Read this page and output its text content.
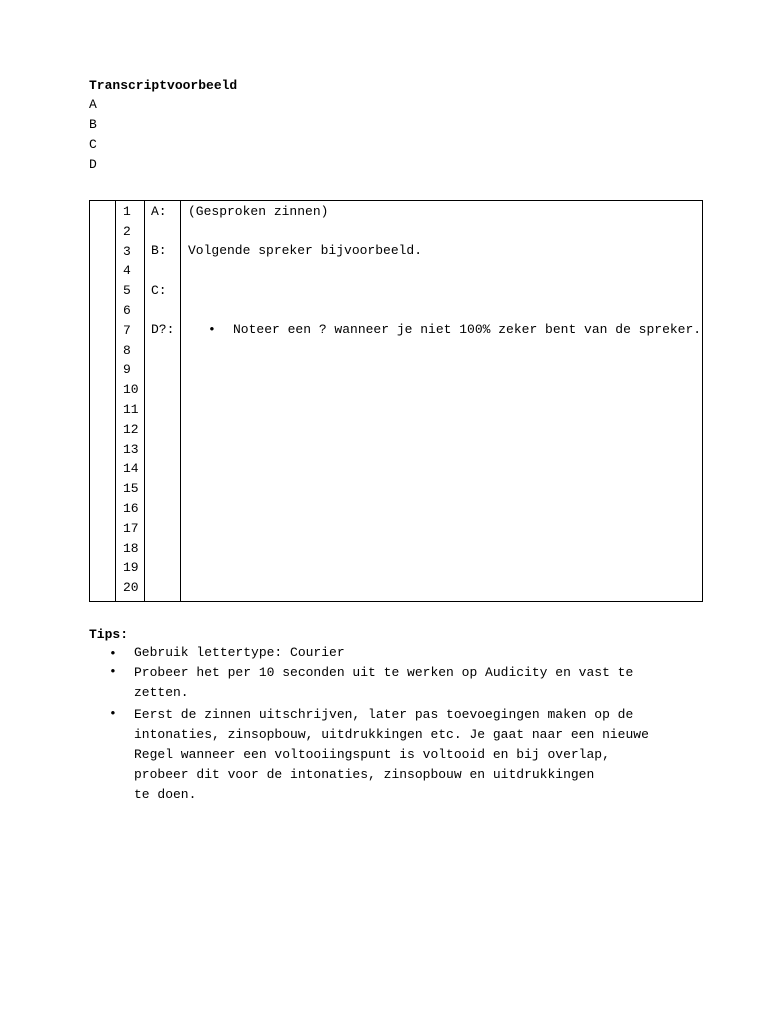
Transcriptvoorbeeld
A
B
C
D
1
2
3
4
5
6
7
8
9
10
11
12
13
14
15
16
17
18
19
20
A: (Gesproken zinnen)
B: Volgende spreker bijvoorbeeld.
C:
D?:	• Noteer een ? wanneer je niet 100% zeker bent van de spreker.
Tips:
• Gebruik lettertype: Courier
• Probeer het per 10 seconden uit te werken op Audicity en vast te
zetten.
• Eerst de zinnen uitschrijven, later pas toevoegingen maken op de
intonaties, zinsopbouw, uitdrukkingen etc. Je gaat naar een nieuwe
Regel wanneer een voltooiingspunt is voltooid en bij overlap,
probeer dit voor de intonaties, zinsopbouw en uitdrukkingen
te doen.
